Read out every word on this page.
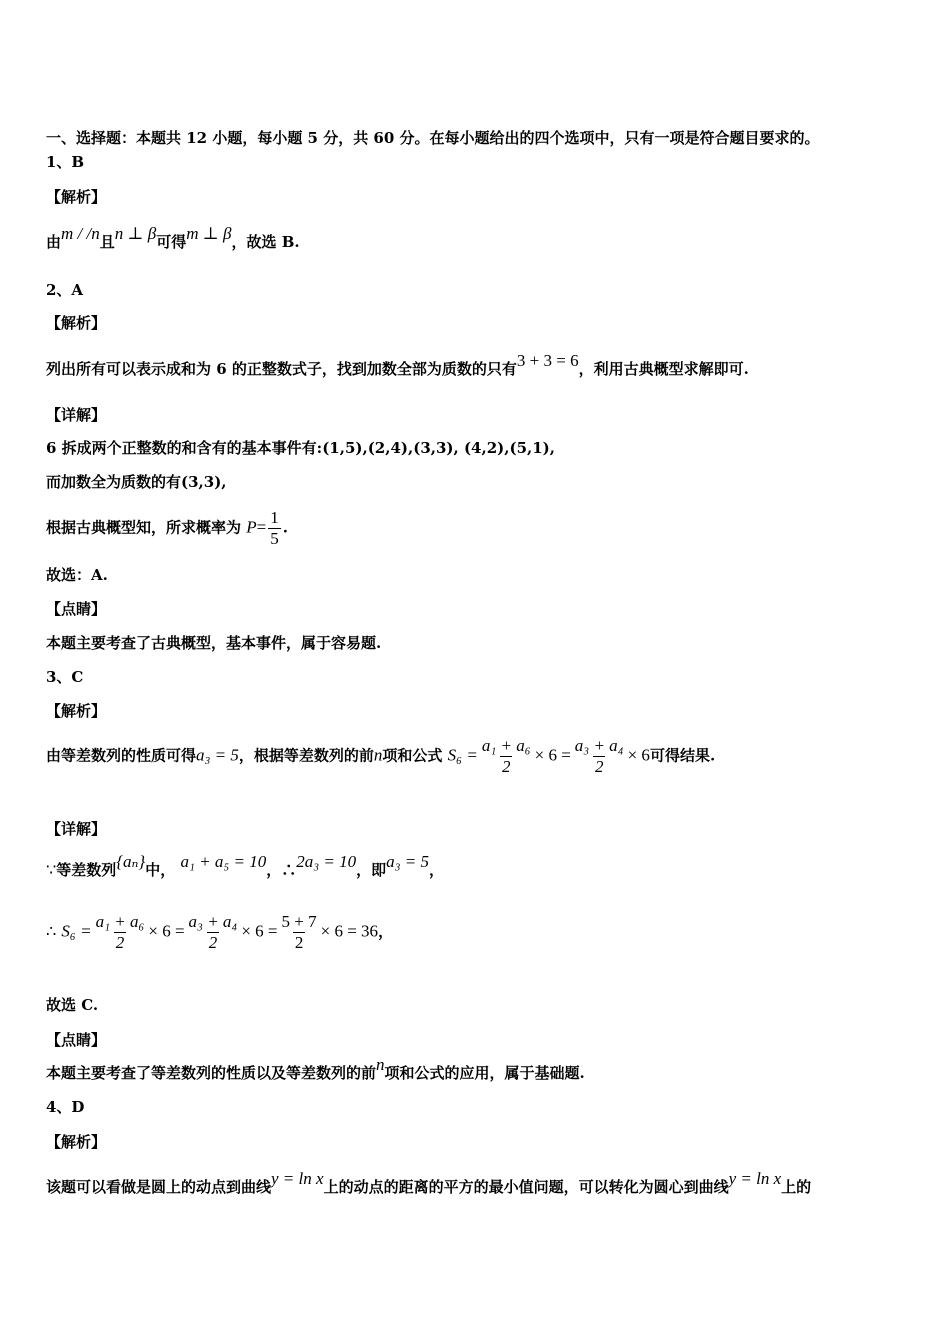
一、选择题：本题共 12 小题，每小题 5 分，共 60 分。在每小题给出的四个选项中，只有一项是符合题目要求的。
1、B
【解析】
由m / /n且n ⊥ β可得m ⊥ β，故选 B.
2、A
【解析】
列出所有可以表示成和为 6 的正整数式子，找到加数全部为质数的只有3 + 3 = 6，利用古典概型求解即可.
【详解】
6 拆成两个正整数的和含有的基本事件有:(1,5),(2,4),(3,3), (4,2),(5,1),
而加数全为质数的有(3,3),
根据古典概型知，所求概率为 $P= \frac{1}{5}$ .
故选：A.
【点睛】
本题主要考查了古典概型，基本事件，属于容易题.
3、C
【解析】
由等差数列的性质可得a₃ = 5，根据等差数列的前n项和公式 $S_6 = \frac{\text{a₁ + a₆}}{2} \times 6 = \frac{\text{a₃ + a₄}}{2} \times 6$可得结果.
【详解】
∵等差数列{aₙ}中， a₁ + a₅ = 10，∴2a₃ = 10，即a₃ = 5，
∴ $S_6 = \frac{\text{a₁ + a₆}}{2} \times 6 = \frac{\text{a₃ + a₄}}{2} \times 6 = \frac{5 + 7}{2} \times 6 = 36$，
故选 C.
【点睛】
本题主要考查了等差数列的性质以及等差数列的前n项和公式的应用，属于基础题.
4、D
【解析】
该题可以看做是圆上的动点到曲线y = ln x上的动点的距离的平方的最小值问题，可以转化为圆心到曲线y = ln x上的
